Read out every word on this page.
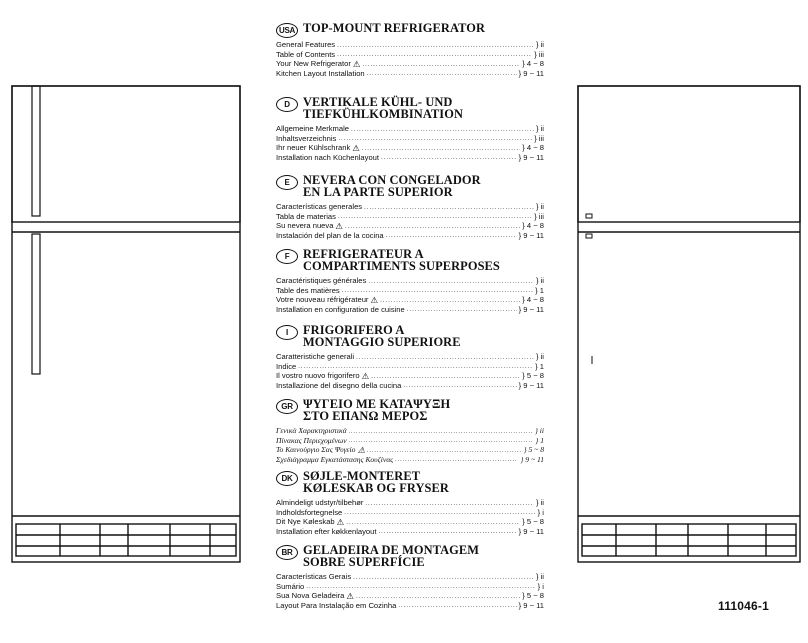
USA TOP-MOUNT REFRIGERATOR
General Features .....	} ii
Table of Contents .....	} iii
Your New Refrigerator ⚠ .....	} 4 ~ 8
Kitchen Layout Installation .....	} 9 ~ 11
D	VERTIKALE KÜHL- UND
TIEFKÜHLKOMBINATION
Allgemeine Merkmale .....	} ii
Inhaltsverzeichnis .....	} iii
Ihr neuer Kühlschrank ⚠ .....	} 4 ~ 8
Installation nach Küchenlayout .....	} 9 ~ 11
E	NEVERA CON CONGELADOR
EN LA PARTE SUPERIOR
Características generales .....	} ii
Tabla de materias .....	} iii
Su nevera nueva ⚠ .....	} 4 ~ 8
Instalación del plan de la cocina .....	} 9 ~ 11
F	REFRIGERATEUR A
COMPARTIMENTS SUPERPOSES
Caractéristiques générales .....	} ii
Table des matières .....	} 1
Votre nouveau réfrigérateur ⚠ .....	} 4 ~ 8
Installation en configuration de cuisine .....	} 9 ~ 11
I	FRIGORIFERO A
MONTAGGIO SUPERIORE
Caratteristiche generali .....	} ii
Indice .....	} 1
Il vostro nuovo frigorifero ⚠ .....	} 5 ~ 8
Installazione del disegno della cucina .....	} 9 ~ 11
GR ΨΥΓΕΙΟ ΜΕ ΚΑΤΑΨΥΞΗ
ΣΤΟ ΕΠΑΝΩ ΜΕΡΟΣ
Γενικά Χαρακτηριστικά .....	} ii
Πίνακας Περιεχομένων .....	} 1
Το Καινούργιο Σας Ψυγείο ⚠ .....	} 5 ~ 8
Σχεδιάγραμμα Εγκατάστασης Κουζίνας .....	} 9 ~ 11
DK SØJLE-MONTERET
KØLESKAB OG FRYSER
Almindeligt udstyr/tilbehør .....	} ii
Indholdsfortegnelse .....	} i
Dit Nye Køleskab ⚠ .....	} 5 ~ 8
Installation efter køkkenlayout .....	} 9 ~ 11
BR GELADEIRA DE MONTAGEM
SOBRE SUPERFÍCIE
Características Gerais .....	} ii
Sumário .....	} i
Sua Nova Geladeira ⚠ .....	} 5 ~ 8
Layout Para Instalação em Cozinha .....	} 9 ~ 11	111046-1
